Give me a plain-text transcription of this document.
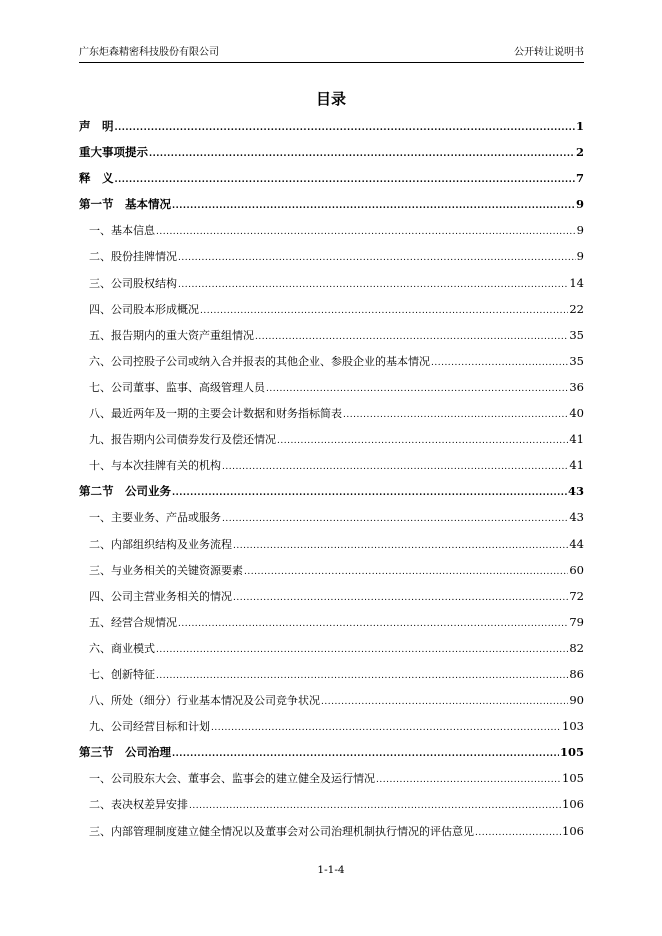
广东炬森精密科技股份有限公司	公开转让说明书
目录
声　明 .....	1
重大事项提示 .....	2
释　义 .....	7
第一节　基本情况 .....	9
一、基本信息 .....	9
二、股份挂牌情况 .....	9
三、公司股权结构 .....	14
四、公司股本形成概况 .....	22
五、报告期内的重大资产重组情况 .....	35
六、公司控股子公司或纳入合并报表的其他企业、参股企业的基本情况 .....	35
七、公司董事、监事、高级管理人员 .....	36
八、最近两年及一期的主要会计数据和财务指标简表 .....	40
九、报告期内公司债券发行及偿还情况 .....	41
十、与本次挂牌有关的机构 .....	41
第二节　公司业务 .....	43
一、主要业务、产品或服务 .....	43
二、内部组织结构及业务流程 .....	44
三、与业务相关的关键资源要素 .....	60
四、公司主营业务相关的情况 .....	72
五、经营合规情况 .....	79
六、商业模式 .....	82
七、创新特征 .....	86
八、所处（细分）行业基本情况及公司竞争状况 .....	90
九、公司经营目标和计划 .....	103
第三节　公司治理 .....	105
一、公司股东大会、董事会、监事会的建立健全及运行情况 .....	105
二、表决权差异安排 .....	106
三、内部管理制度建立健全情况以及董事会对公司治理机制执行情况的评估意见 .....	106
1-1-4
